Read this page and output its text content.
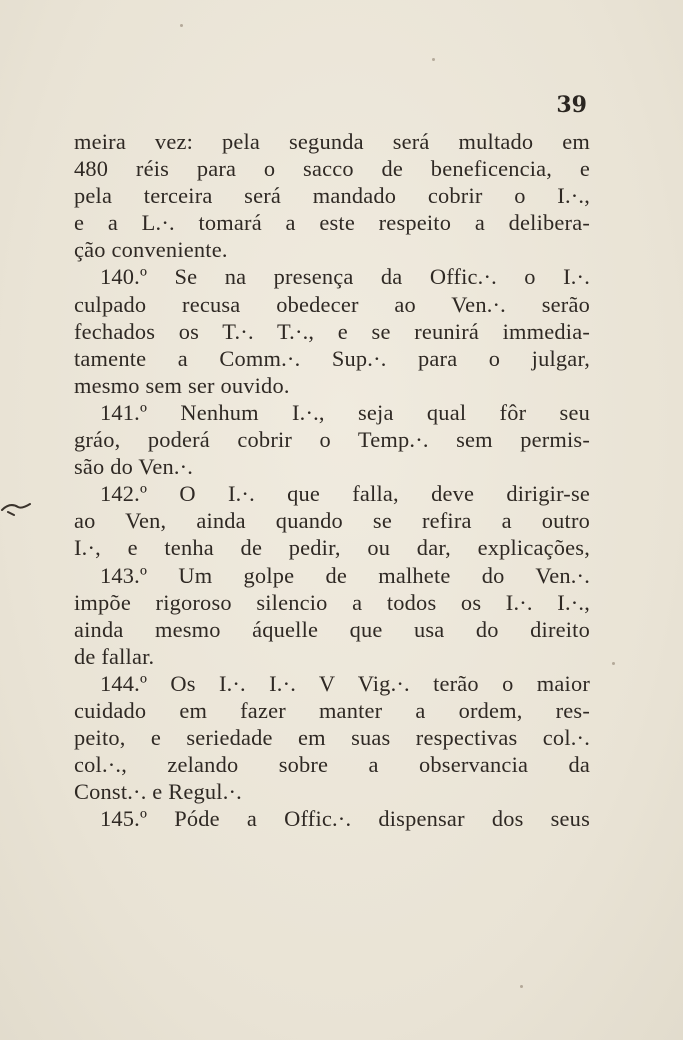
39
meira vez: pela segunda será multado em
480 réis para o sacco de beneficencia, e
pela terceira será mandado cobrir o I.·.,
e a L.·. tomará a este respeito a delibera-
ção conveniente.
140.º Se na presença da Offic.·. o I.·.
culpado recusa obedecer ao Ven.·. serão
fechados os T.·. T.·., e se reunirá immedia-
tamente a Comm.·. Sup.·. para o julgar,
mesmo sem ser ouvido.
141.º Nenhum I.·., seja qual fôr seu
gráo, poderá cobrir o Temp.·. sem permis-
são do Ven.·.
142.º O I.·. que falla, deve dirigir-se
ao Ven, ainda quando se refira a outro
I.·, e tenha de pedir, ou dar, explicações,
143.º Um golpe de malhete do Ven.·.
impõe rigoroso silencio a todos os I.·. I.·.,
ainda mesmo áquelle que usa do direito
de fallar.
144.º Os I.·. I.·. V Vig.·. terão o maior
cuidado em fazer manter a ordem, res-
peito, e seriedade em suas respectivas col.·.
col.·., zelando sobre a observancia da
Const.·. e Regul.·.
145.º Póde a Offic.·. dispensar dos seus
